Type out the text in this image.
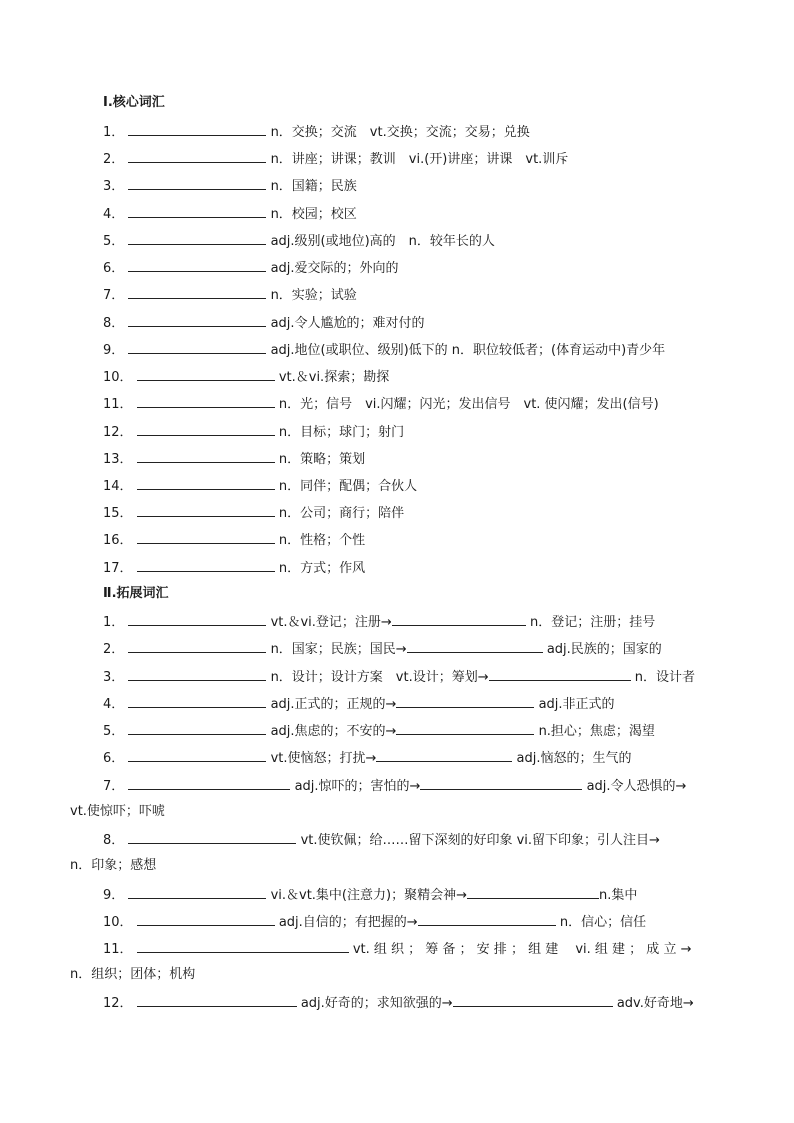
Ⅰ.核心词汇
1．	n．交换；交流　vt.交换；交流；交易；兑换
2．	n．讲座；讲课；教训　vi.(开)讲座；讲课　vt.训斥
3．	n．国籍；民族
4．	n．校园；校区
5．	adj.级别(或地位)高的　n．较年长的人
6．	adj.爱交际的；外向的
7．	n．实验；试验
8．	adj.令人尴尬的；难对付的
9．	adj.地位(或职位、级别)低下的 n．职位较低者；(体育运动中)青少年
10．	vt.＆vi.探索；勘探
11．	n．光；信号　vi.闪耀；闪光；发出信号　vt. 使闪耀；发出(信号)
12．	n．目标；球门；射门
13．	n．策略；策划
14．	n．同伴；配偶；合伙人
15．	n．公司；商行；陪伴
16．	n．性格；个性
17．	n．方式；作风
Ⅱ.拓展词汇
1．	vt.＆vi.登记；注册→	n．登记；注册；挂号
2．	n．国家；民族；国民→	adj.民族的；国家的
3．	n．设计；设计方案　vt.设计；筹划→	n．设计者
4．	adj.正式的；正规的→	adj.非正式的
5．	adj.焦虑的；不安的→	n.担心；焦虑；渴望
6．	vt.使恼怒；打扰→	adj.恼怒的；生气的
7．	adj.惊吓的；害怕的→	adj.令人恐惧的→
vt.使惊吓；吓唬
8．	vt.使钦佩；给……留下深刻的好印象 vi.留下印象；引人注目→
n．印象；感想
9．	vi.＆vt.集中(注意力)；聚精会神→	n.集中
10．	adj.自信的；有把握的→	n．信心；信任
11．	vt. 组 织 ； 筹 备 ； 安 排 ； 组 建　 vi. 组 建 ； 成 立 →
n．组织；团体；机构
12．	adj.好奇的；求知欲强的→	adv.好奇地→
